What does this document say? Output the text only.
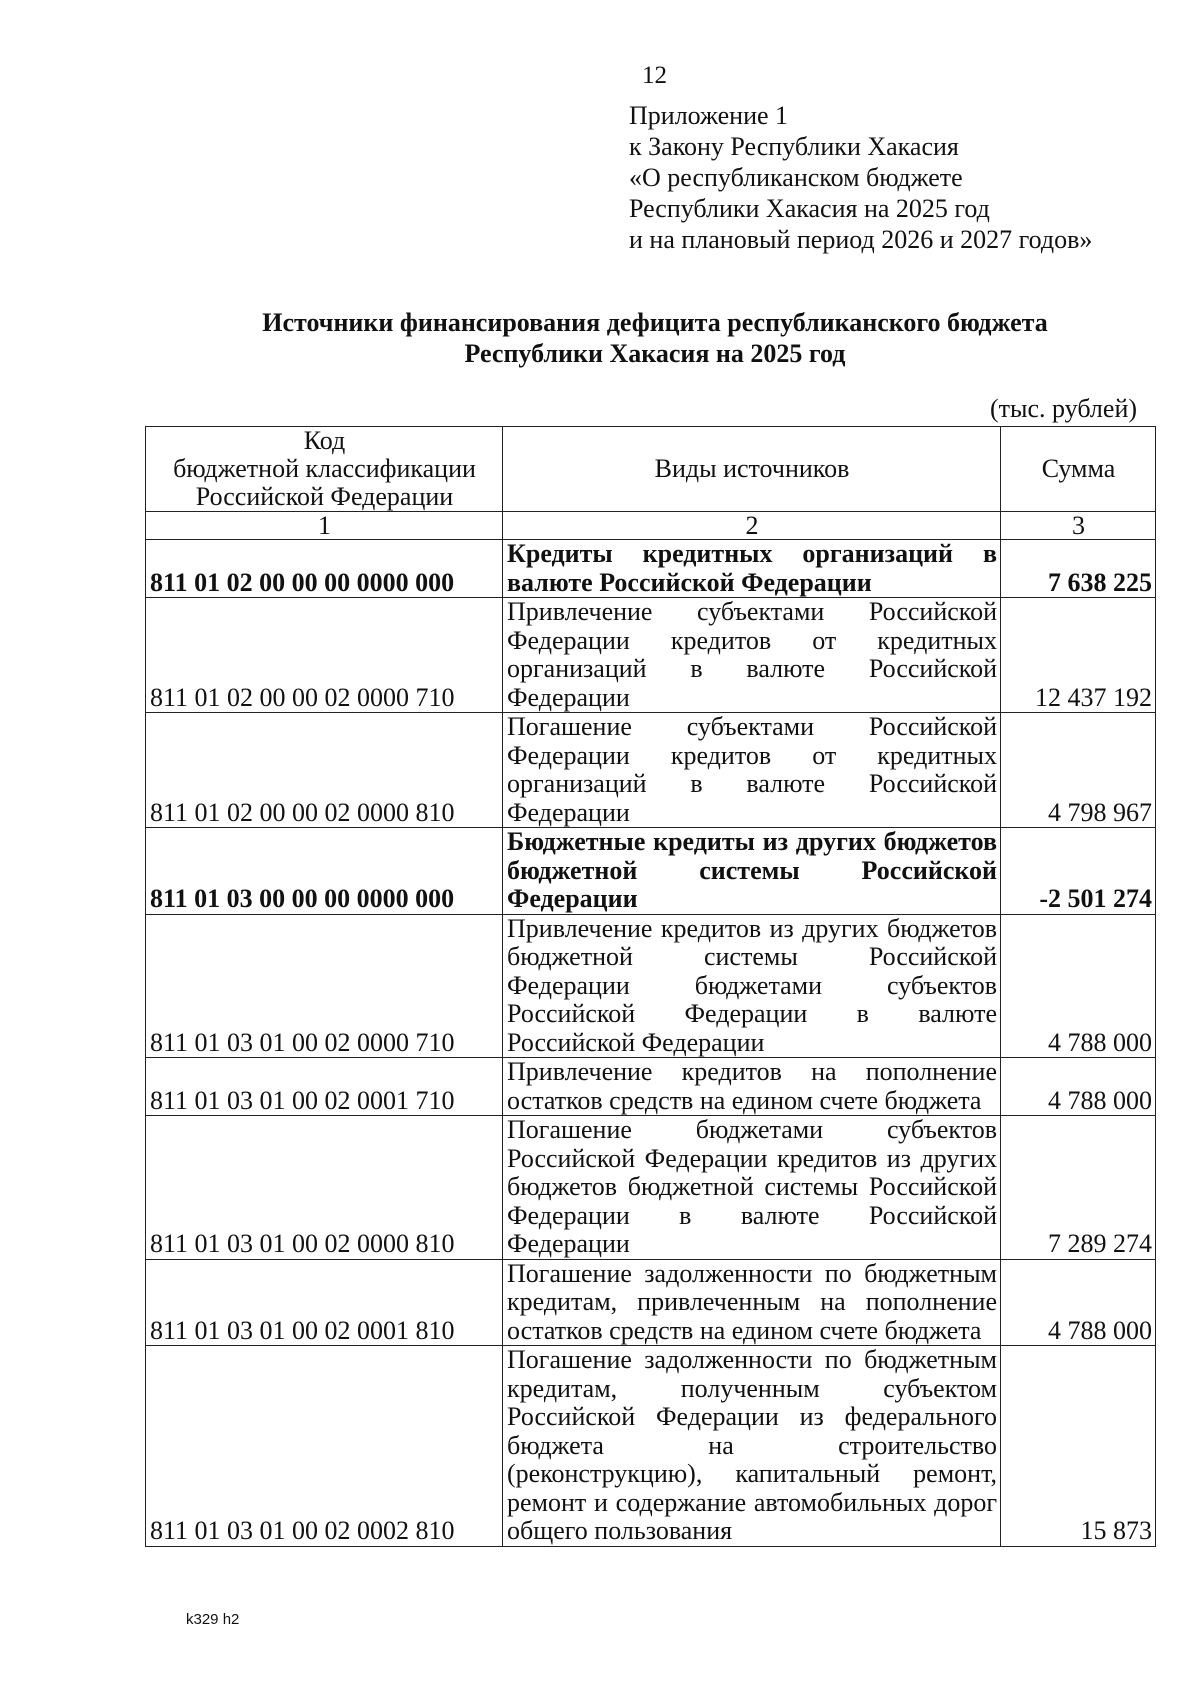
12
Приложение 1
к Закону Республики Хакасия
«О республиканском бюджете
Республики Хакасия на 2025 год
и на плановый период 2026 и 2027 годов»
Источники финансирования дефицита республиканского бюджета
Республики Хакасия на 2025 год
(тыс. рублей)
Код
бюджетной классификации
Российской Федерации	Виды источников	Сумма
1	2	3
811 01 02 00 00 00 0000 000	Кредиты кредитных организаций в валюте Российской Федерации	7 638 225
811 01 02 00 00 02 0000 710	Привлечение субъектами Российской Федерации кредитов от кредитных организаций в валюте Российской Федерации	12 437 192
811 01 02 00 00 02 0000 810	Погашение субъектами Российской Федерации кредитов от кредитных организаций в валюте Российской Федерации	4 798 967
811 01 03 00 00 00 0000 000	Бюджетные кредиты из других бюджетов бюджетной системы Российской Федерации	-2 501 274
811 01 03 01 00 02 0000 710	Привлечение кредитов из других бюджетов бюджетной системы Российской Федерации бюджетами субъектов Российской Федерации в валюте Российской Федерации	4 788 000
811 01 03 01 00 02 0001 710	Привлечение кредитов на пополнение остатков средств на едином счете бюджета	4 788 000
811 01 03 01 00 02 0000 810	Погашение бюджетами субъектов Российской Федерации кредитов из других бюджетов бюджетной системы Российской Федерации в валюте Российской Федерации	7 289 274
811 01 03 01 00 02 0001 810	Погашение задолженности по бюджетным кредитам, привлеченным на пополнение остатков средств на едином счете бюджета	4 788 000
811 01 03 01 00 02 0002 810	Погашение задолженности по бюджетным кредитам, полученным субъектом Российской Федерации из федерального бюджета на строительство (реконструкцию), капитальный ремонт, ремонт и содержание автомобильных дорог общего пользования	15 873
k329 h2
